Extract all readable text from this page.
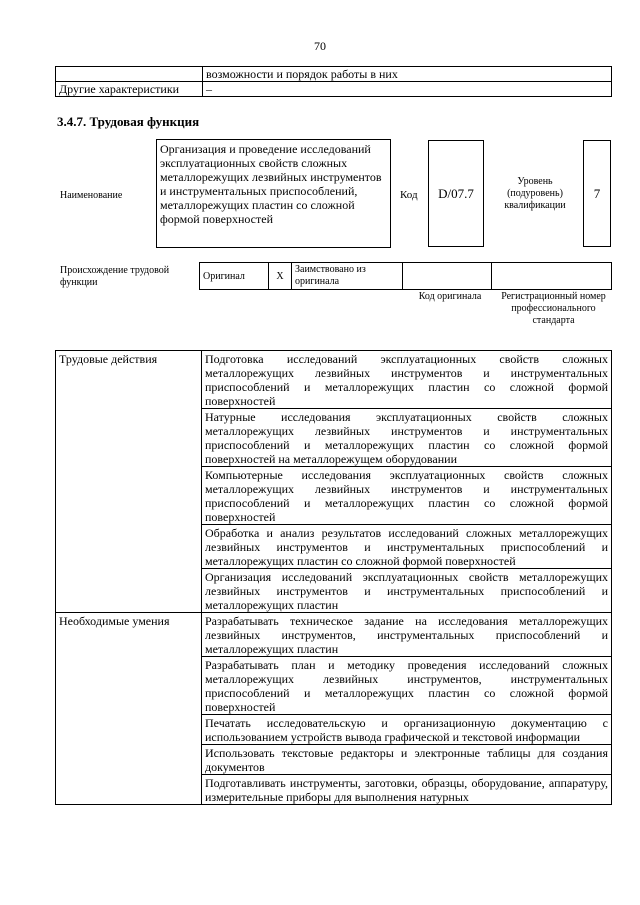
70
	возможности и порядок работы в них
Другие характеристики	–
3.4.7. Трудовая функция
Наименование
Организация и проведение исследований эксплуатационных свойств сложных металлорежущих лезвийных инструментов и инструментальных приспособлений, металлорежущих пластин со сложной формой поверхностей
Код	D/07.7
Уровень (подуровень) квалификации
7
Происхождение трудовой функции
Оригинал	X	Заимствовано из оригинала		
Код оригинала	Регистрационный номер профессионального стандарта
Трудовые действия	Подготовка исследований эксплуатационных свойств сложных металлорежущих лезвийных инструментов и инструментальных приспособлений и металлорежущих пластин со сложной формой поверхностей
	Натурные исследования эксплуатационных свойств сложных металлорежущих лезвийных инструментов и инструментальных приспособлений и металлорежущих пластин со сложной формой поверхностей на металлорежущем оборудовании
	Компьютерные исследования эксплуатационных свойств сложных металлорежущих лезвийных инструментов и инструментальных приспособлений и металлорежущих пластин со сложной формой поверхностей
	Обработка и анализ результатов исследований сложных металлорежущих лезвийных инструментов и инструментальных приспособлений и металлорежущих пластин со сложной формой поверхностей
	Организация исследований эксплуатационных свойств металлорежущих лезвийных инструментов и инструментальных приспособлений и металлорежущих пластин
Необходимые умения	Разрабатывать техническое задание на исследования металлорежущих лезвийных инструментов, инструментальных приспособлений и металлорежущих пластин
	Разрабатывать план и методику проведения исследований сложных металлорежущих лезвийных инструментов, инструментальных приспособлений и металлорежущих пластин со сложной формой поверхностей
	Печатать исследовательскую и организационную документацию с использованием устройств вывода графической и текстовой информации
	Использовать текстовые редакторы и электронные таблицы для создания документов
	Подготавливать инструменты, заготовки, образцы, оборудование, аппаратуру, измерительные приборы для выполнения натурных
